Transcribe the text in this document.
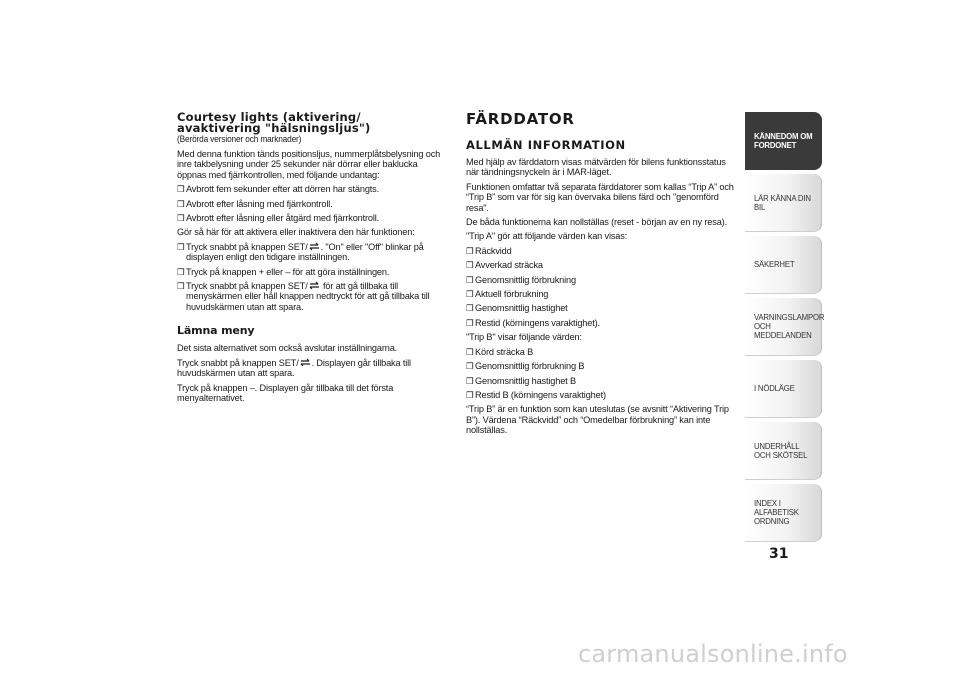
Courtesy lights (aktivering/
avaktivering "hälsningsljus")
(Berörda versioner och marknader)

Med denna funktion tänds positionsljus, nummerplåtsbelysning och inre takbelysning under 25 sekunder när dörrar eller baklucka öppnas med fjärrkontrollen, med följande undantag:

❒ Avbrott fem sekunder efter att dörren har stängts.
❒ Avbrott efter låsning med fjärrkontroll.
❒ Avbrott efter låsning eller åtgärd med fjärrkontroll.

Gör så här för att aktivera eller inaktivera den här funktionen:

❒ Tryck snabbt på knappen SET/ . "On" eller "Off" blinkar på displayen enligt den tidigare inställningen.
❒ Tryck på knappen + eller – för att göra inställningen.
❒ Tryck snabbt på knappen SET/ för att gå tillbaka till menyskärmen eller håll knappen nedtryckt för att gå tillbaka till huvudskärmen utan att spara.
Lämna meny

Det sista alternativet som också avslutar inställningarna.

Tryck snabbt på knappen SET/ . Displayen går tillbaka till huvudskärmen utan att spara.

Tryck på knappen –. Displayen går tillbaka till det första menyalternativet.

FÄRDDATOR
ALLMÄN INFORMATION

Med hjälp av färddatorn visas mätvärden för bilens funktionsstatus när tändningsnyckeln är i MAR-läget.

Funktionen omfattar två separata färddatorer som kallas “Trip A” och “Trip B” som var för sig kan övervaka bilens färd och "genomförd resa".

De båda funktionerna kan nollställas (reset - början av en ny resa).

"Trip A" gör att följande värden kan visas:

❒ Räckvidd
❒ Avverkad sträcka
❒ Genomsnittlig förbrukning
❒ Aktuell förbrukning
❒ Genomsnittlig hastighet
❒ Restid (körningens varaktighet).

"Trip B" visar följande värden:

❒ Körd sträcka B
❒ Genomsnittlig förbrukning B
❒ Genomsnittlig hastighet B
❒ Restid B (körningens varaktighet)

“Trip B” är en funktion som kan uteslutas (se avsnitt “Aktivering Trip B”). Värdena “Räckvidd” och “Omedelbar förbrukning” kan inte nollställas.

KÄNNEDOM OM FORDONET
LÄR KÄNNA DIN BIL
SÄKERHET
VARNINGSLAMPOR OCH MEDDELANDEN
I NÖDLÄGE
UNDERHÅLL OCH SKÖTSEL
INDEX I ALFABETISK ORDNING
31
carmanualsonline.info
